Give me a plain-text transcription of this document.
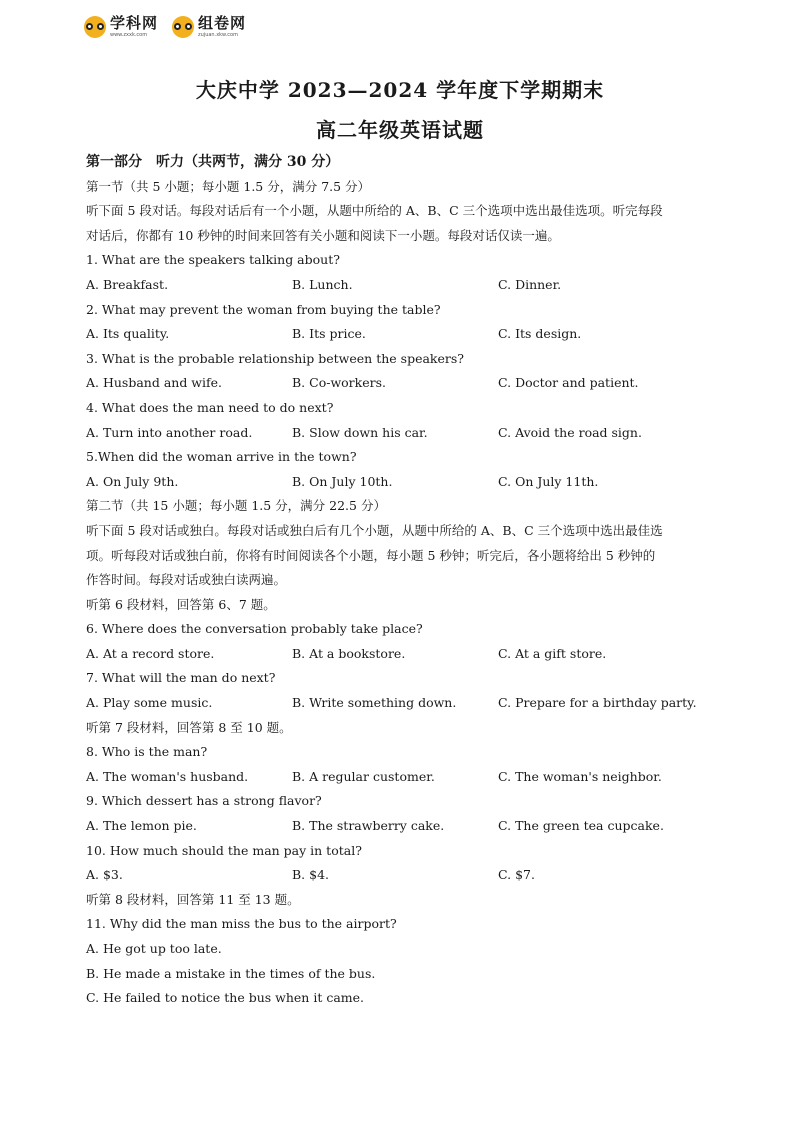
学科网
www.zxxk.com
组卷网
zujuan.xkw.com
大庆中学 2023—2024 学年度下学期期末
高二年级英语试题
第一部分　听力（共两节，满分 30 分）
第一节（共 5 小题；每小题 1.5 分，满分 7.5 分）
听下面 5 段对话。每段对话后有一个小题，从题中所给的 A、B、C 三个选项中选出最佳选项。听完每段
对话后，你都有 10 秒钟的时间来回答有关小题和阅读下一小题。每段对话仅读一遍。
1. What are the speakers talking about?
A. Breakfast.	B. Lunch.	C. Dinner.
2. What may prevent the woman from buying the table?
A. Its quality.	B. Its price.	C. Its design.
3. What is the probable relationship between the speakers?
A. Husband and wife.	B. Co-workers.	C. Doctor and patient.
4. What does the man need to do next?
A. Turn into another road.	B. Slow down his car.	C. Avoid the road sign.
5.When did the woman arrive in the town?
A. On July 9th.	B. On July 10th.	C. On July 11th.
第二节（共 15 小题；每小题 1.5 分，满分 22.5 分）
听下面 5 段对话或独白。每段对话或独白后有几个小题，从题中所给的 A、B、C 三个选项中选出最佳选
项。听每段对话或独白前，你将有时间阅读各个小题，每小题 5 秒钟；听完后，各小题将给出 5 秒钟的
作答时间。每段对话或独白读两遍。
听第 6 段材料，回答第 6、7 题。
6. Where does the conversation probably take place?
A. At a record store.	B. At a bookstore.	C. At a gift store.
7. What will the man do next?
A. Play some music.	B. Write something down.	C. Prepare for a birthday party.
听第 7 段材料，回答第 8 至 10 题。
8. Who is the man?
A. The woman's husband.	B. A regular customer.	C. The woman's neighbor.
9. Which dessert has a strong flavor?
A. The lemon pie.	B. The strawberry cake.	C. The green tea cupcake.
10. How much should the man pay in total?
A. $3.	B. $4.	C. $7.
听第 8 段材料，回答第 11 至 13 题。
11. Why did the man miss the bus to the airport?
A. He got up too late.
B. He made a mistake in the times of the bus.
C. He failed to notice the bus when it came.
